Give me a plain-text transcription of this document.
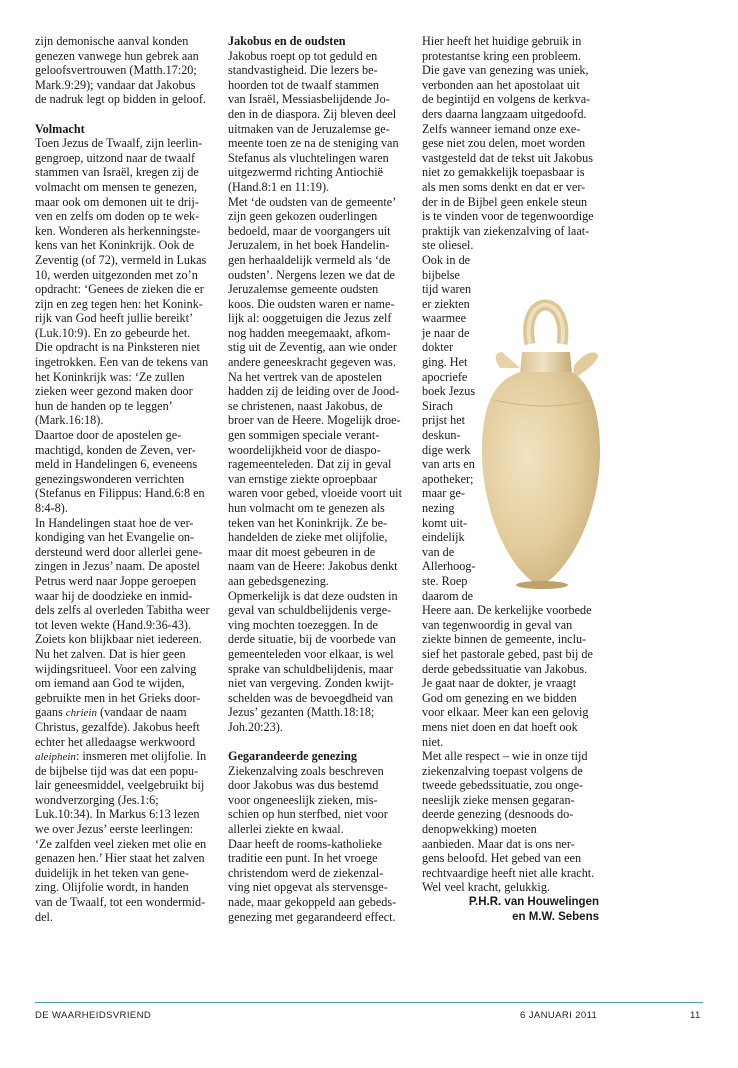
zijn demonische aanval konden
genezen vanwege hun gebrek aan
geloofsvertrouwen (Matth.17:20;
Mark.9:29); vandaar dat Jakobus
de nadruk legt op bidden in geloof.
Volmacht
Toen Jezus de Twaalf, zijn leerlin-
gengroep, uitzond naar de twaalf
stammen van Israël, kregen zij de
volmacht om mensen te genezen,
maar ook om demonen uit te drij-
ven en zelfs om doden op te wek-
ken. Wonderen als herkenningste-
kens van het Koninkrijk. Ook de
Zeventig (of 72), vermeld in Lukas
10, werden uitgezonden met zo’n
opdracht: ‘Genees de zieken die er
zijn en zeg tegen hen: het Konink-
rijk van God heeft jullie bereikt’
(Luk.10:9). En zo gebeurde het.
Die opdracht is na Pinksteren niet
ingetrokken. Een van de tekens van
het Koninkrijk was: ‘Ze zullen
zieken weer gezond maken door
hun de handen op te leggen’
(Mark.16:18).
Daartoe door de apostelen ge-
machtigd, konden de Zeven, ver-
meld in Handelingen 6, eveneens
genezingswonderen verrichten
(Stefanus en Filippus: Hand.6:8 en
8:4-8).
In Handelingen staat hoe de ver-
kondiging van het Evangelie on-
dersteund werd door allerlei gene-
zingen in Jezus’ naam. De apostel
Petrus werd naar Joppe geroepen
waar hij de doodzieke en inmid-
dels zelfs al overleden Tabitha weer
tot leven wekte (Hand.9:36-43).
Zoiets kon blijkbaar niet iedereen.
Nu het zalven. Dat is hier geen
wijdingsritueel. Voor een zalving
om iemand aan God te wijden,
gebruikte men in het Grieks door-
gaans chriein (vandaar de naam
Christus, gezalfde). Jakobus heeft
echter het alledaagse werkwoord
aleiphein: insmeren met olijfolie. In
de bijbelse tijd was dat een popu-
lair geneesmiddel, veelgebruikt bij
wondverzorging (Jes.1:6;
Luk.10:34). In Markus 6:13 lezen
we over Jezus’ eerste leerlingen:
‘Ze zalfden veel zieken met olie en
genazen hen.’ Hier staat het zalven
duidelijk in het teken van gene-
zing. Olijfolie wordt, in handen
van de Twaalf, tot een wondermid-
del.
Jakobus en de oudsten
Jakobus roept op tot geduld en
standvastigheid. Die lezers be-
hoorden tot de twaalf stammen
van Israël, Messiasbelijdende Jo-
den in de diaspora. Zij bleven deel
uitmaken van de Jeruzalemse ge-
meente toen ze na de steniging van
Stefanus als vluchtelingen waren
uitgezwermd richting Antiochië
(Hand.8:1 en 11:19).
Met ‘de oudsten van de gemeente’
zijn geen gekozen ouderlingen
bedoeld, maar de voorgangers uit
Jeruzalem, in het boek Handelin-
gen herhaaldelijk vermeld als ‘de
oudsten’. Nergens lezen we dat de
Jeruzalemse gemeente oudsten
koos. Die oudsten waren er name-
lijk al: ooggetuigen die Jezus zelf
nog hadden meegemaakt, afkom-
stig uit de Zeventig, aan wie onder
andere geneeskracht gegeven was.
Na het vertrek van de apostelen
hadden zij de leiding over de Jood-
se christenen, naast Jakobus, de
broer van de Heere. Mogelijk droe-
gen sommigen speciale verant-
woordelijkheid voor de diaspo-
ragemeenteleden. Dat zij in geval
van ernstige ziekte oproepbaar
waren voor gebed, vloeide voort uit
hun volmacht om te genezen als
teken van het Koninkrijk. Ze be-
handelden de zieke met olijfolie,
maar dit moest gebeuren in de
naam van de Heere: Jakobus denkt
aan gebedsgenezing.
Opmerkelijk is dat deze oudsten in
geval van schuldbelijdenis verge-
ving mochten toezeggen. In de
derde situatie, bij de voorbede van
gemeenteleden voor elkaar, is wel
sprake van schuldbelijdenis, maar
niet van vergeving. Zonden kwijt-
schelden was de bevoegdheid van
Jezus’ gezanten (Matth.18:18;
Joh.20:23).
Gegarandeerde genezing
Ziekenzalving zoals beschreven
door Jakobus was dus bestemd
voor ongeneeslijk zieken, mis-
schien op hun sterfbed, niet voor
allerlei ziekte en kwaal.
Daar heeft de rooms-katholieke
traditie een punt. In het vroege
christendom werd de ziekenzal-
ving niet opgevat als stervensge-
nade, maar gekoppeld aan gebeds-
genezing met gegarandeerd effect.
Hier heeft het huidige gebruik in
protestantse kring een probleem.
Die gave van genezing was uniek,
verbonden aan het apostolaat uit
de begintijd en volgens de kerkva-
ders daarna langzaam uitgedoofd.
Zelfs wanneer iemand onze exe-
gese niet zou delen, moet worden
vastgesteld dat de tekst uit Jakobus
niet zo gemakkelijk toepasbaar is
als men soms denkt en dat er ver-
der in de Bijbel geen enkele steun
is te vinden voor de tegenwoordige
praktijk van ziekenzalving of laat-
ste oliesel.
Ook in de
bijbelse
tijd waren
er ziekten
waarmee
je naar de
dokter
ging. Het
apocriefe
boek Jezus
Sirach
prijst het
deskun-
dige werk
van arts en
apotheker;
maar ge-
nezing
komt uit-
eindelijk
van de
Allerhoog-
ste. Roep
daarom de
Heere aan. De kerkelijke voorbede
van tegenwoordig in geval van
ziekte binnen de gemeente, inclu-
sief het pastorale gebed, past bij de
derde gebedssituatie van Jakobus.
Je gaat naar de dokter, je vraagt
God om genezing en we bidden
voor elkaar. Meer kan een gelovig
mens niet doen en dat hoeft ook
niet.
Met alle respect – wie in onze tijd
ziekenzalving toepast volgens de
tweede gebedssituatie, zou onge-
neeslijk zieke mensen gegaran-
deerde genezing (desnoods do-
denopwekking) moeten
aanbieden. Maar dat is ons ner-
gens beloofd. Het gebed van een
rechtvaardige heeft niet alle kracht.
Wel veel kracht, gelukkig.
P.H.R. van Houwelingen
en M.W. Sebens
DE WAARHEIDSVRIEND	6 JANUARI 2011	11
